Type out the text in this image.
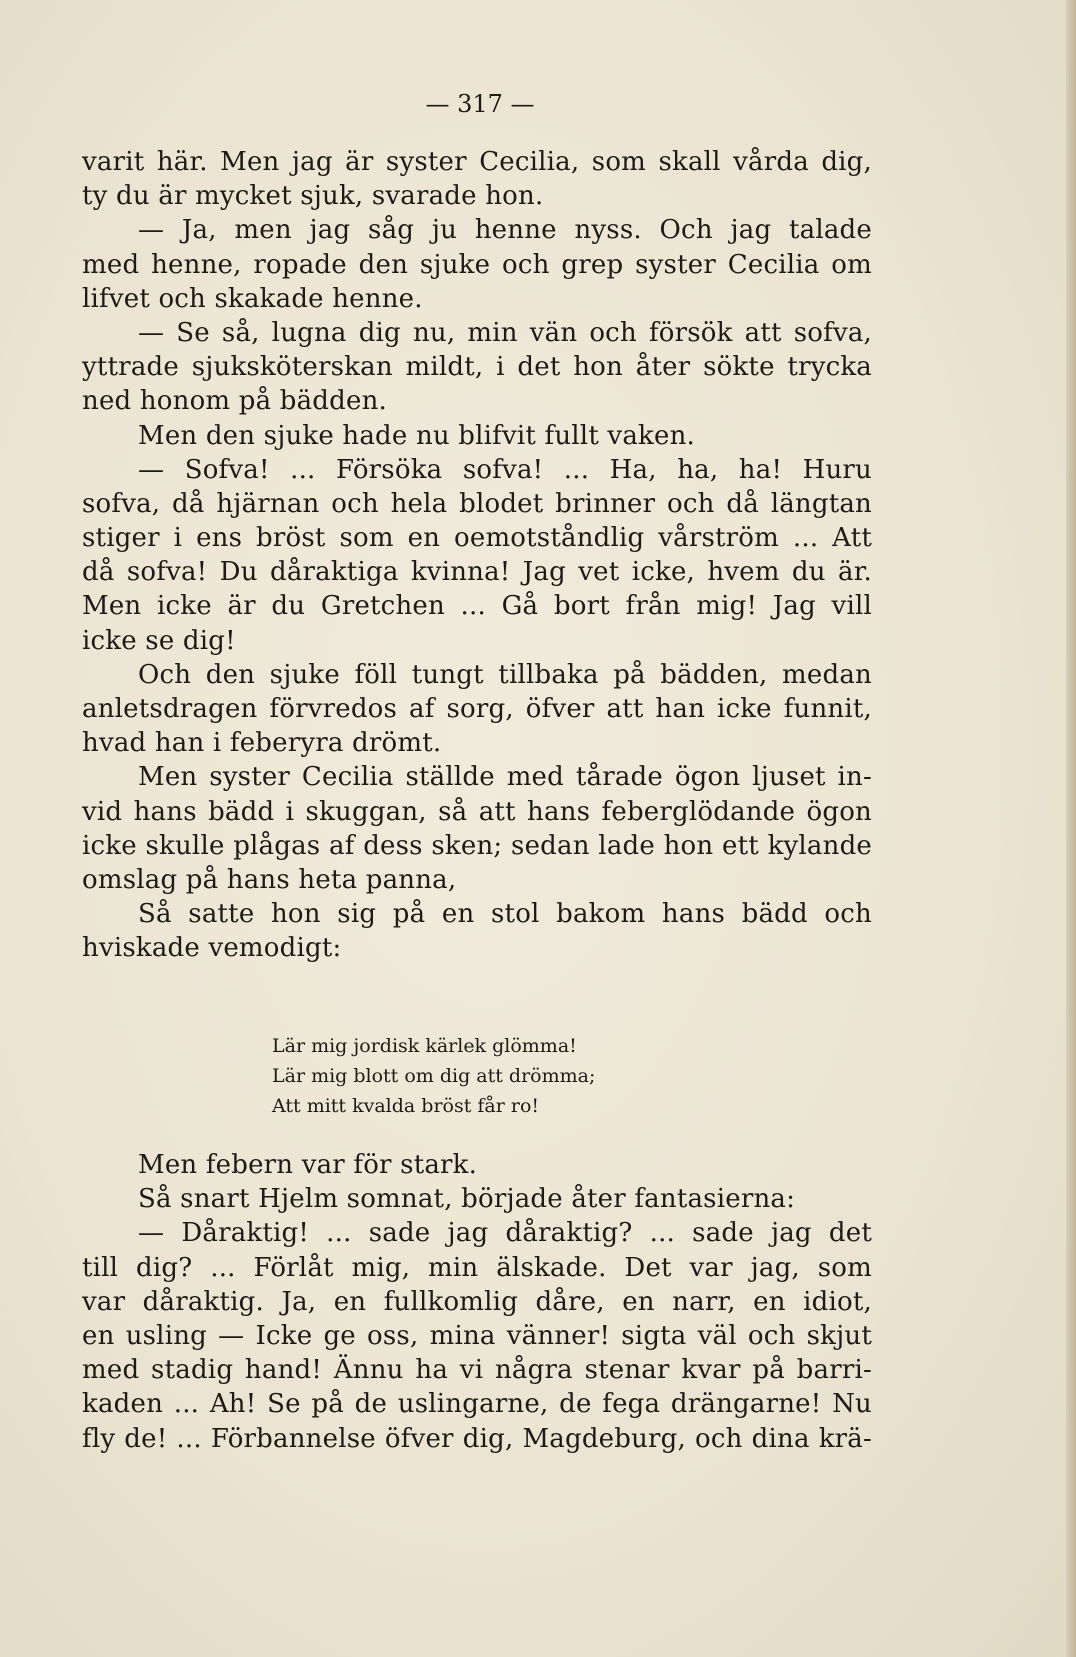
— 317 —
varit här. Men jag är syster Cecilia, som skall vårda dig,
ty du är mycket sjuk, svarade hon.
— Ja, men jag såg ju henne nyss. Och jag talade
med henne, ropade den sjuke och grep syster Cecilia om
lifvet och skakade henne.
— Se så, lugna dig nu, min vän och försök att sofva,
yttrade sjuksköterskan mildt, i det hon åter sökte trycka
ned honom på bädden.
Men den sjuke hade nu blifvit fullt vaken.
— Sofva! ... Försöka sofva! ... Ha, ha, ha! Huru
sofva, då hjärnan och hela blodet brinner och då längtan
stiger i ens bröst som en oemotståndlig vårström ... Att
då sofva! Du dåraktiga kvinna! Jag vet icke, hvem du är.
Men icke är du Gretchen ... Gå bort från mig! Jag vill
icke se dig!
Och den sjuke föll tungt tillbaka på bädden, medan
anletsdragen förvredos af sorg, öfver att han icke funnit,
hvad han i feberyra drömt.
Men syster Cecilia ställde med tårade ögon ljuset in-
vid hans bädd i skuggan, så att hans feberglödande ögon
icke skulle plågas af dess sken; sedan lade hon ett kylande
omslag på hans heta panna,
Så satte hon sig på en stol bakom hans bädd och
hviskade vemodigt:
Lär mig jordisk kärlek glömma!
Lär mig blott om dig att drömma;
Att mitt kvalda bröst får ro!
Men febern var för stark.
Så snart Hjelm somnat, började åter fantasierna:
— Dåraktig! ... sade jag dåraktig? ... sade jag det
till dig? ... Förlåt mig, min älskade. Det var jag, som
var dåraktig. Ja, en fullkomlig dåre, en narr, en idiot,
en usling — Icke ge oss, mina vänner! sigta väl och skjut
med stadig hand! Ännu ha vi några stenar kvar på barri-
kaden ... Ah! Se på de uslingarne, de fega drängarne! Nu
fly de! ... Förbannelse öfver dig, Magdeburg, och dina krä-
